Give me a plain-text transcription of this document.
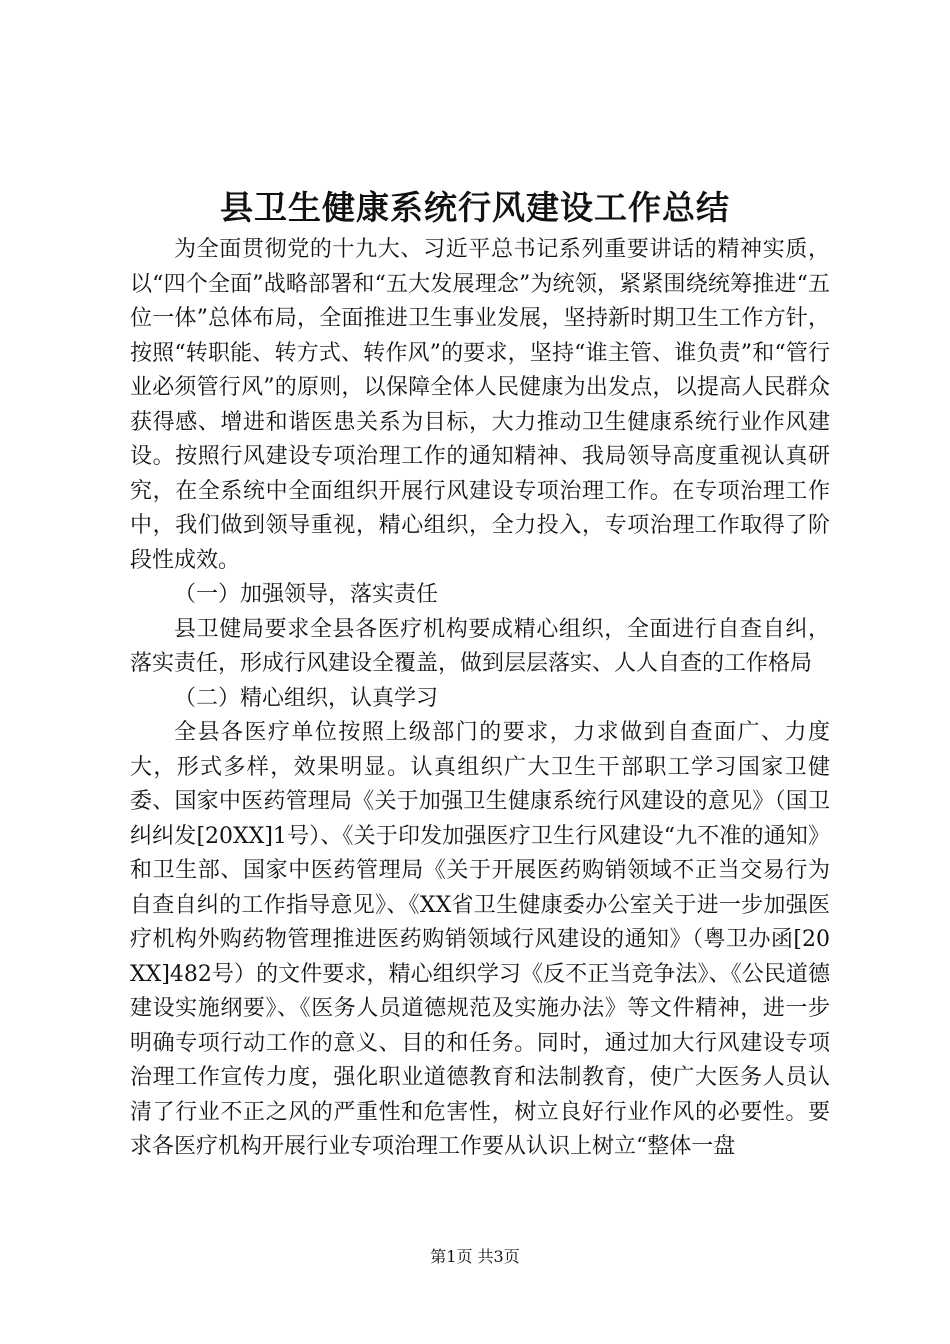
县卫生健康系统行风建设工作总结

为全面贯彻党的十九大、习近平总书记系列重要讲话的精神实质，以“四个全面”战略部署和“五大发展理念”为统领，紧紧围绕统筹推进“五位一体”总体布局，全面推进卫生事业发展，坚持新时期卫生工作方针，按照“转职能、转方式、转作风”的要求，坚持“谁主管、谁负责”和“管行业必须管行风”的原则，以保障全体人民健康为出发点，以提高人民群众获得感、增进和谐医患关系为目标，大力推动卫生健康系统行业作风建设。按照行风建设专项治理工作的通知精神、我局领导高度重视认真研究，在全系统中全面组织开展行风建设专项治理工作。在专项治理工作中，我们做到领导重视，精心组织，全力投入，专项治理工作取得了阶段性成效。

（一）加强领导，落实责任

县卫健局要求全县各医疗机构要成精心组织，全面进行自查自纠，落实责任，形成行风建设全覆盖，做到层层落实、人人自查的工作格局

（二）精心组织，认真学习

全县各医疗单位按照上级部门的要求，力求做到自查面广、力度大，形式多样，效果明显。认真组织广大卫生干部职工学习国家卫健委、国家中医药管理局《关于加强卫生健康系统行风建设的意见》（国卫纠纠发[20XX]1号）、《关于印发加强医疗卫生行风建设“九不准的通知》和卫生部、国家中医药管理局《关于开展医药购销领域不正当交易行为自查自纠的工作指导意见》、《XX省卫生健康委办公室关于进一步加强医疗机构外购药物管理推进医药购销领域行风建设的通知》（粤卫办函[20XX]482号）的文件要求，精心组织学习《反不正当竞争法》、《公民道德建设实施纲要》、《医务人员道德规范及实施办法》等文件精神，进一步明确专项行动工作的意义、目的和任务。同时，通过加大行风建设专项治理工作宣传力度，强化职业道德教育和法制教育，使广大医务人员认清了行业不正之风的严重性和危害性，树立良好行业作风的必要性。要求各医疗机构开展行业专项治理工作要从认识上树立“整体一盘

第1页 共3页
